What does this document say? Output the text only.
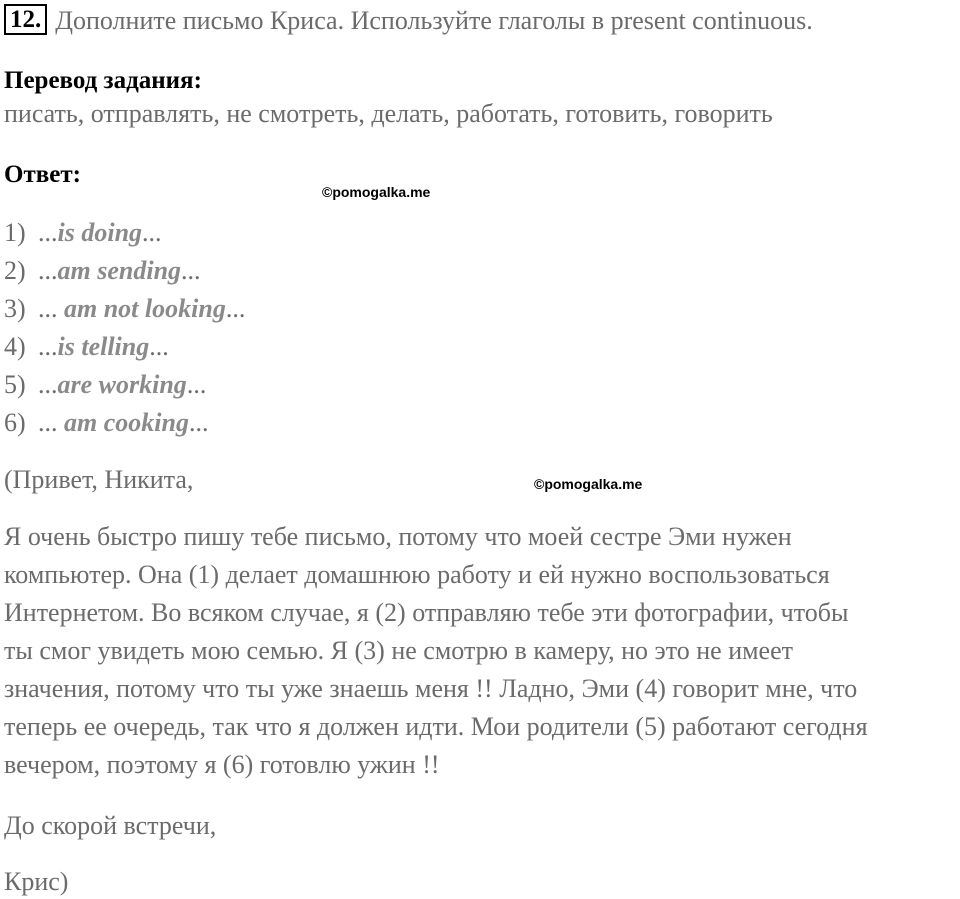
12. Дополните письмо Криса. Используйте глаголы в present continuous.
Перевод задания:
писать, отправлять, не смотреть, делать, работать, готовить, говорить
Ответ:
©pomogalka.me
1) ...is doing...
2) ...am sending...
3) ... am not looking...
4) ...is telling...
5) ...are working...
6) ... am cooking...
(Привет, Никита,	©pomogalka.me

Я очень быстро пишу тебе письмо, потому что моей сестре Эми нужен

компьютер. Она (1) делает домашнюю работу и ей нужно воспользоваться

Интернетом. Во всяком случае, я (2) отправляю тебе эти фотографии, чтобы

ты смог увидеть мою семью. Я (3) не смотрю в камеру, но это не имеет

значения, потому что ты уже знаешь меня !! Ладно, Эми (4) говорит мне, что

теперь ее очередь, так что я должен идти. Мои родители (5) работают сегодня

вечером, поэтому я (6) готовлю ужин !!

До скорой встречи,
Крис)
